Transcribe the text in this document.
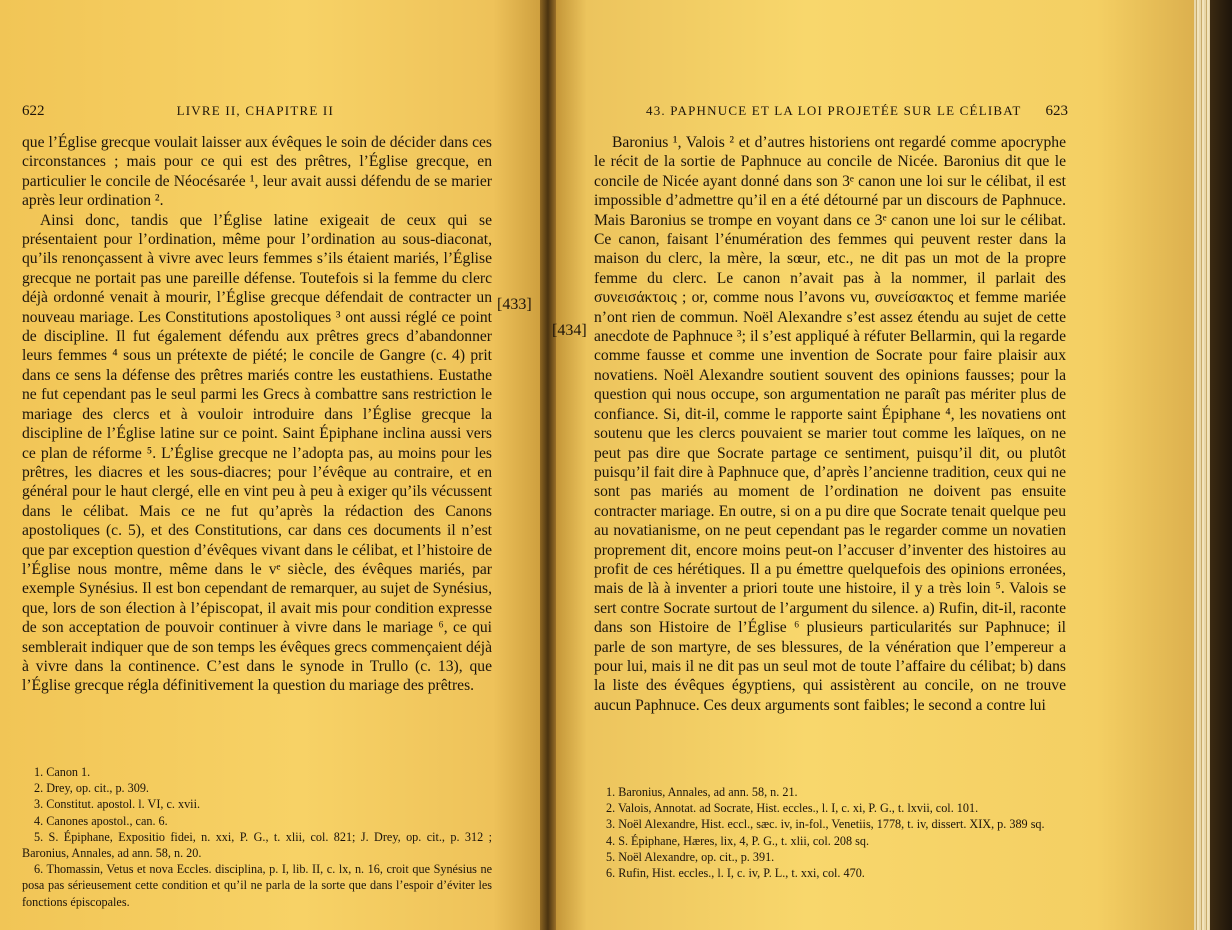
622	LIVRE II, CHAPITRE II

que l’Église grecque voulait laisser aux évêques le soin de décider dans ces circonstances ; mais pour ce qui est des prêtres, l’Église grecque, en particulier le concile de Néocésarée ¹, leur avait aussi défendu de se marier après leur ordination ².

Ainsi donc, tandis que l’Église latine exigeait de ceux qui se présentaient pour l’ordination, même pour l’ordination au sous-diaconat, qu’ils renonçassent à vivre avec leurs femmes s’ils étaient mariés, l’Église grecque ne portait pas une pareille défense. Toutefois si la femme du clerc déjà ordonné venait à mourir, l’Église grecque défendait de contracter un nouveau mariage. Les Constitutions apostoliques ³ ont aussi réglé ce point de discipline. Il fut également défendu aux prêtres grecs d’abandonner leurs femmes ⁴ sous un prétexte de piété; le concile de Gangre (c. 4) prit dans ce sens la défense des prêtres mariés contre les eustathiens. Eustathe ne fut cependant pas le seul parmi les Grecs à combattre sans restriction le mariage des clercs et à vouloir introduire dans l’Église grecque la discipline de l’Église latine sur ce point. Saint Épiphane inclina aussi vers ce plan de réforme ⁵. L’Église grecque ne l’adopta pas, au moins pour les prêtres, les diacres et les sous-diacres; pour l’évêque au contraire, et en général pour le haut clergé, elle en vint peu à peu à exiger qu’ils vécussent dans le célibat. Mais ce ne fut qu’après la rédaction des Canons apostoliques (c. 5), et des Constitutions, car dans ces documents il n’est que par exception question d’évêques vivant dans le célibat, et l’histoire de l’Église nous montre, même dans le vᵉ siècle, des évêques mariés, par exemple Synésius. Il est bon cependant de remarquer, au sujet de Synésius, que, lors de son élection à l’épiscopat, il avait mis pour condition expresse de son acceptation de pouvoir continuer à vivre dans le mariage ⁶, ce qui semblerait indiquer que de son temps les évêques grecs commençaient déjà à vivre dans la continence. C’est dans le synode in Trullo (c. 13), que l’Église grecque régla définitivement la question du mariage des prêtres.

1. Canon 1.
2. Drey, op. cit., p. 309.
3. Constitut. apostol. l. VI, c. xvii.
4. Canones apostol., can. 6.
5. S. Épiphane, Expositio fidei, n. xxi, P. G., t. xlii, col. 821; J. Drey, op. cit., p. 312 ; Baronius, Annales, ad ann. 58, n. 20.
6. Thomassin, Vetus et nova Eccles. disciplina, p. I, lib. II, c. lx, n. 16, croit que Synésius ne posa pas sérieusement cette condition et qu’il ne parla de la sorte que dans l’espoir d’éviter les fonctions épiscopales.
43. PAPHNUCE ET LA LOI PROJETÉE SUR LE CÉLIBAT 623

Baronius ¹, Valois ² et d’autres historiens ont regardé comme apocryphe le récit de la sortie de Paphnuce au concile de Nicée. Baronius dit que le concile de Nicée ayant donné dans son 3ᵉ canon une loi sur le célibat, il est impossible d’admettre qu’il en a été détourné par un discours de Paphnuce. Mais Baronius se trompe en voyant dans ce 3ᵉ canon une loi sur le célibat. Ce canon, faisant l’énumération des femmes qui peuvent rester dans la maison du clerc, la mère, la sœur, etc., ne dit pas un mot de la propre femme du clerc. Le canon n’avait pas à la nommer, il parlait des συνεισάκτοις ; or, comme nous l’avons vu, συνείσακτος et femme mariée n’ont rien de commun. Noël Alexandre s’est assez étendu au sujet de cette anecdote de Paphnuce ³; il s’est appliqué à réfuter Bellarmin, qui la regarde comme fausse et comme une invention de Socrate pour faire plaisir aux novatiens. Noël Alexandre soutient souvent des opinions fausses; pour la question qui nous occupe, son argumentation ne paraît pas mériter plus de confiance. Si, dit-il, comme le rapporte saint Épiphane ⁴, les novatiens ont soutenu que les clercs pouvaient se marier tout comme les laïques, on ne peut pas dire que Socrate partage ce sentiment, puisqu’il dit, ou plutôt puisqu’il fait dire à Paphnuce que, d’après l’ancienne tradition, ceux qui ne sont pas mariés au moment de l’ordination ne doivent pas ensuite contracter mariage. En outre, si on a pu dire que Socrate tenait quelque peu au novatianisme, on ne peut cependant pas le regarder comme un novatien proprement dit, encore moins peut-on l’accuser d’inventer des histoires au profit de ces hérétiques. Il a pu émettre quelquefois des opinions erronées, mais de là à inventer a priori toute une histoire, il y a très loin ⁵. Valois se sert contre Socrate surtout de l’argument du silence. a) Rufin, dit-il, raconte dans son Histoire de l’Église ⁶ plusieurs particularités sur Paphnuce; il parle de son martyre, de ses blessures, de la vénération que l’empereur a pour lui, mais il ne dit pas un seul mot de toute l’affaire du célibat; b) dans la liste des évêques égyptiens, qui assistèrent au concile, on ne trouve aucun Paphnuce. Ces deux arguments sont faibles; le second a contre lui

1. Baronius, Annales, ad ann. 58, n. 21.
2. Valois, Annotat. ad Socrate, Hist. eccles., l. I, c. xi, P. G., t. lxvii, col. 101.
3. Noël Alexandre, Hist. eccl., sæc. iv, in-fol., Venetiis, 1778, t. iv, dissert. XIX, p. 389 sq.
4. S. Épiphane, Hæres, lix, 4, P. G., t. xlii, col. 208 sq.
5. Noël Alexandre, op. cit., p. 391.
6. Rufin, Hist. eccles., l. I, c. iv, P. L., t. xxi, col. 470.
[433]
[434]
